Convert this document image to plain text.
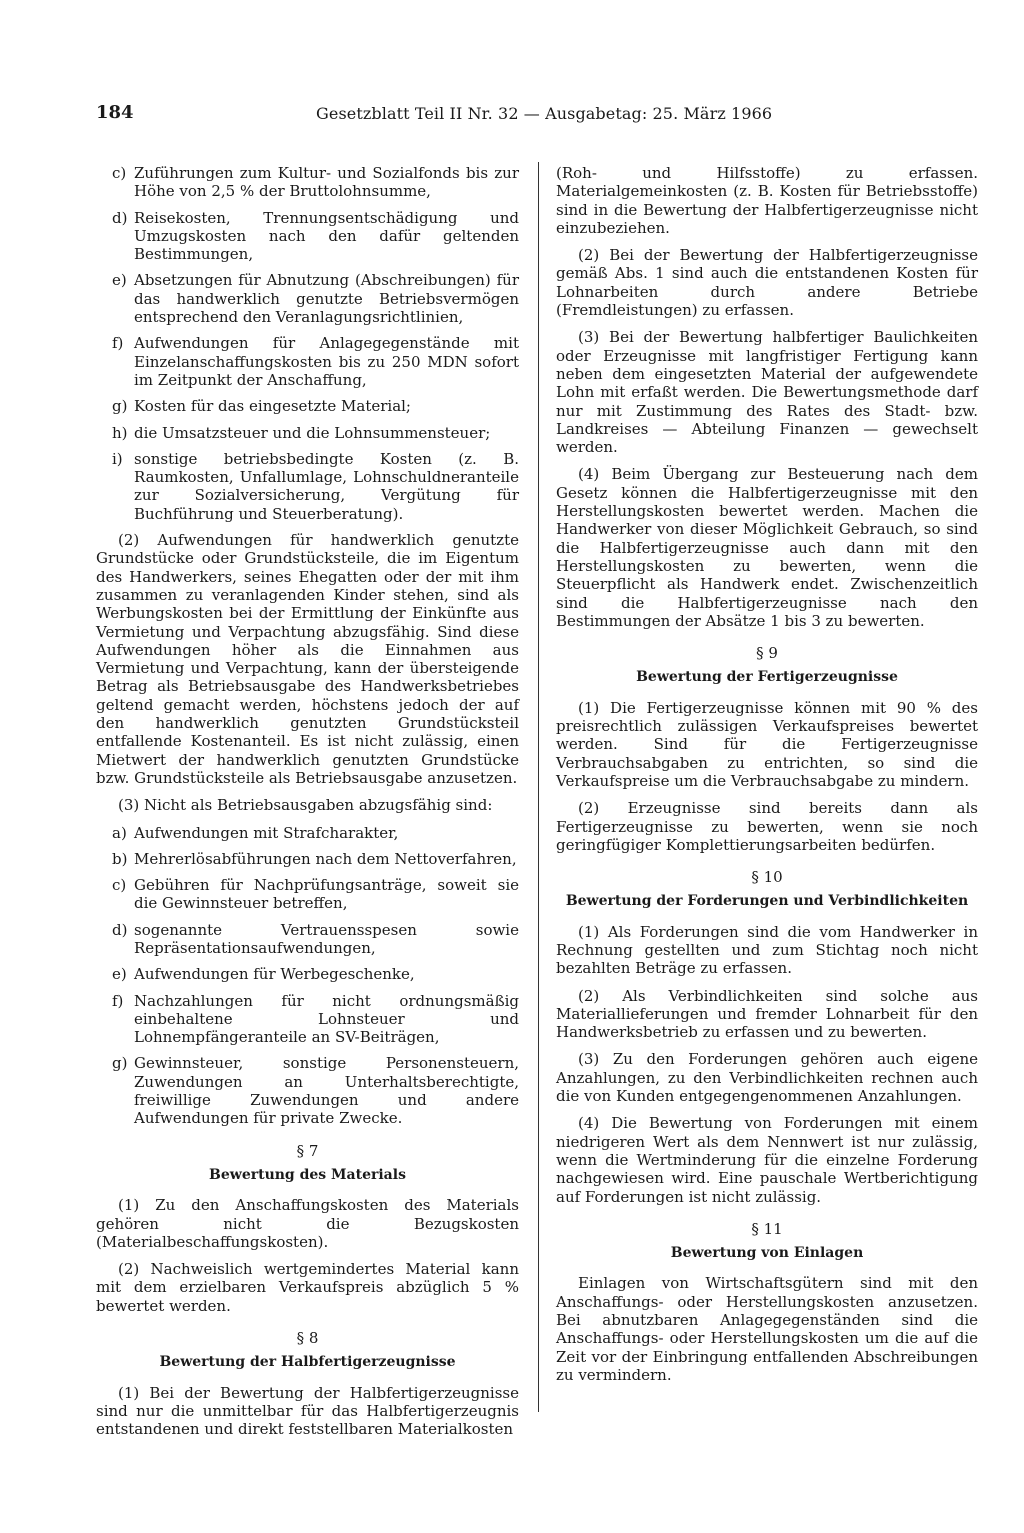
184	Gesetzblatt Teil II Nr. 32 — Ausgabetag: 25. März 1966
c) Zuführungen zum Kultur- und Sozialfonds bis zur Höhe von 2,5 % der Bruttolohnsumme,
d) Reisekosten, Trennungsentschädigung und Umzugskosten nach den dafür geltenden Bestimmungen,
e) Absetzungen für Abnutzung (Abschreibungen) für das handwerklich genutzte Betriebsvermögen entsprechend den Veranlagungsrichtlinien,
f) Aufwendungen für Anlagegegenstände mit Einzelanschaffungskosten bis zu 250 MDN sofort im Zeitpunkt der Anschaffung,
g) Kosten für das eingesetzte Material;
h) die Umsatzsteuer und die Lohnsummensteuer;
i) sonstige betriebsbedingte Kosten (z. B. Raumkosten, Unfallumlage, Lohnschuldneranteile zur Sozialversicherung, Vergütung für Buchführung und Steuerberatung).

(2) Aufwendungen für handwerklich genutzte Grundstücke oder Grundstücksteile, die im Eigentum des Handwerkers, seines Ehegatten oder der mit ihm zusammen zu veranlagenden Kinder stehen, sind als Werbungskosten bei der Ermittlung der Einkünfte aus Vermietung und Verpachtung abzugsfähig. Sind diese Aufwendungen höher als die Einnahmen aus Vermietung und Verpachtung, kann der übersteigende Betrag als Betriebsausgabe des Handwerksbetriebes geltend gemacht werden, höchstens jedoch der auf den handwerklich genutzten Grundstücksteil entfallende Kostenanteil. Es ist nicht zulässig, einen Mietwert der handwerklich genutzten Grundstücke bzw. Grundstücksteile als Betriebsausgabe anzusetzen.

(3) Nicht als Betriebsausgaben abzugsfähig sind:

a) Aufwendungen mit Strafcharakter,
b) Mehrerlösabführungen nach dem Nettoverfahren,
c) Gebühren für Nachprüfungsanträge, soweit sie die Gewinnsteuer betreffen,
d) sogenannte Vertrauensspesen sowie Repräsentationsaufwendungen,
e) Aufwendungen für Werbegeschenke,
f) Nachzahlungen für nicht ordnungsmäßig einbehaltene Lohnsteuer und Lohnempfängeranteile an SV-Beiträgen,
g) Gewinnsteuer, sonstige Personensteuern, Zuwendungen an Unterhaltsberechtigte, freiwillige Zuwendungen und andere Aufwendungen für private Zwecke.
§ 7
Bewertung des Materials

(1) Zu den Anschaffungskosten des Materials gehören nicht die Bezugskosten (Materialbeschaffungskosten).

(2) Nachweislich wertgemindertes Material kann mit dem erzielbaren Verkaufspreis abzüglich 5 % bewertet werden.

§ 8
Bewertung der Halbfertigerzeugnisse

(1) Bei der Bewertung der Halbfertigerzeugnisse sind nur die unmittelbar für das Halbfertigerzeugnis entstandenen und direkt feststellbaren Materialkosten

(Roh- und Hilfsstoffe) zu erfassen. Materialgemeinkosten (z. B. Kosten für Betriebsstoffe) sind in die Bewertung der Halbfertigerzeugnisse nicht einzubeziehen.

(2) Bei der Bewertung der Halbfertigerzeugnisse gemäß Abs. 1 sind auch die entstandenen Kosten für Lohnarbeiten durch andere Betriebe (Fremdleistungen) zu erfassen.

(3) Bei der Bewertung halbfertiger Baulichkeiten oder Erzeugnisse mit langfristiger Fertigung kann neben dem eingesetzten Material der aufgewendete Lohn mit erfaßt werden. Die Bewertungsmethode darf nur mit Zustimmung des Rates des Stadt- bzw. Landkreises — Abteilung Finanzen — gewechselt werden.

(4) Beim Übergang zur Besteuerung nach dem Gesetz können die Halbfertigerzeugnisse mit den Herstellungskosten bewertet werden. Machen die Handwerker von dieser Möglichkeit Gebrauch, so sind die Halbfertigerzeugnisse auch dann mit den Herstellungskosten zu bewerten, wenn die Steuerpflicht als Handwerk endet. Zwischenzeitlich sind die Halbfertigerzeugnisse nach den Bestimmungen der Absätze 1 bis 3 zu bewerten.

§ 9
Bewertung der Fertigerzeugnisse

(1) Die Fertigerzeugnisse können mit 90 % des preisrechtlich zulässigen Verkaufspreises bewertet werden. Sind für die Fertigerzeugnisse Verbrauchsabgaben zu entrichten, so sind die Verkaufspreise um die Verbrauchsabgabe zu mindern.

(2) Erzeugnisse sind bereits dann als Fertigerzeugnisse zu bewerten, wenn sie noch geringfügiger Komplettierungsarbeiten bedürfen.

§ 10
Bewertung der Forderungen und Verbindlichkeiten

(1) Als Forderungen sind die vom Handwerker in Rechnung gestellten und zum Stichtag noch nicht bezahlten Beträge zu erfassen.

(2) Als Verbindlichkeiten sind solche aus Materiallieferungen und fremder Lohnarbeit für den Handwerksbetrieb zu erfassen und zu bewerten.

(3) Zu den Forderungen gehören auch eigene Anzahlungen, zu den Verbindlichkeiten rechnen auch die von Kunden entgegengenommenen Anzahlungen.

(4) Die Bewertung von Forderungen mit einem niedrigeren Wert als dem Nennwert ist nur zulässig, wenn die Wertminderung für die einzelne Forderung nachgewiesen wird. Eine pauschale Wertberichtigung auf Forderungen ist nicht zulässig.

§ 11
Bewertung von Einlagen

Einlagen von Wirtschaftsgütern sind mit den Anschaffungs- oder Herstellungskosten anzusetzen. Bei abnutzbaren Anlagegegenständen sind die Anschaffungs- oder Herstellungskosten um die auf die Zeit vor der Einbringung entfallenden Abschreibungen zu vermindern.
